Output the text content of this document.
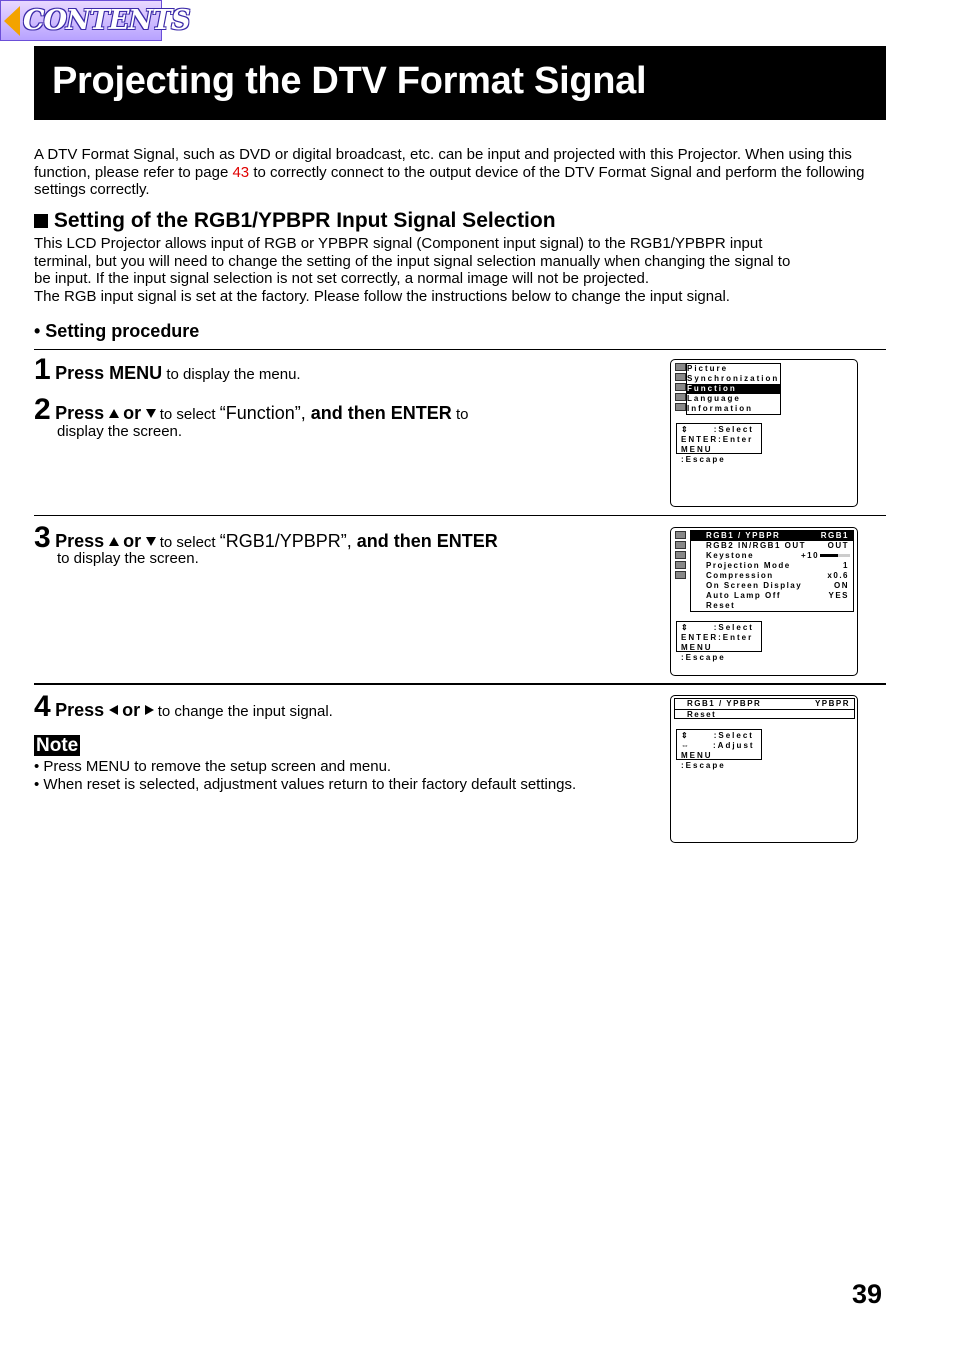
CONTENTS
Projecting the DTV Format Signal
A DTV Format Signal, such as DVD or digital broadcast, etc. can be input and projected with this Projector. When using this function, please refer to page 43 to correctly connect to the output device of the DTV Format Signal and perform the following settings correctly.
Setting of the RGB1/YPBPR Input Signal Selection
This LCD Projector allows input of RGB or YPBPR signal (Component input signal) to the RGB1/YPBPR input
terminal, but you will need to change the setting of the input signal selection manually when changing the signal to
be input. If the input signal selection is not set correctly, a normal image will not be projected.
The RGB input signal is set at the factory. Please follow the instructions below to change the input signal.
• Setting procedure
1 Press MENU to display the menu.
2 Press or  to select “Function”, and then ENTER to
display the screen.
Picture
Synchronization
Function
Language
Information
⇕	:Select
ENTER:Enter
MENU :Escape
3 Press or  to select “RGB1/YPBPR”, and then ENTER
to display the screen.
RGB1 / YPBPR	RGB1
RGB2 IN/RGB1 OUT	OUT
Keystone	+10
Projection Mode	1
Compression	x0.6
On Screen Display	ON
Auto Lamp Off	YES
Reset
⇕	:Select
ENTER:Enter
MENU :Escape
4 Press or  to change the input signal.
Note
• Press MENU to remove the setup screen and menu.
• When reset is selected, adjustment values return to their factory default settings.
RGB1 / YPBPR	YPBPR
Reset
⇕	:Select
⇔	:Adjust
MENU :Escape
39
